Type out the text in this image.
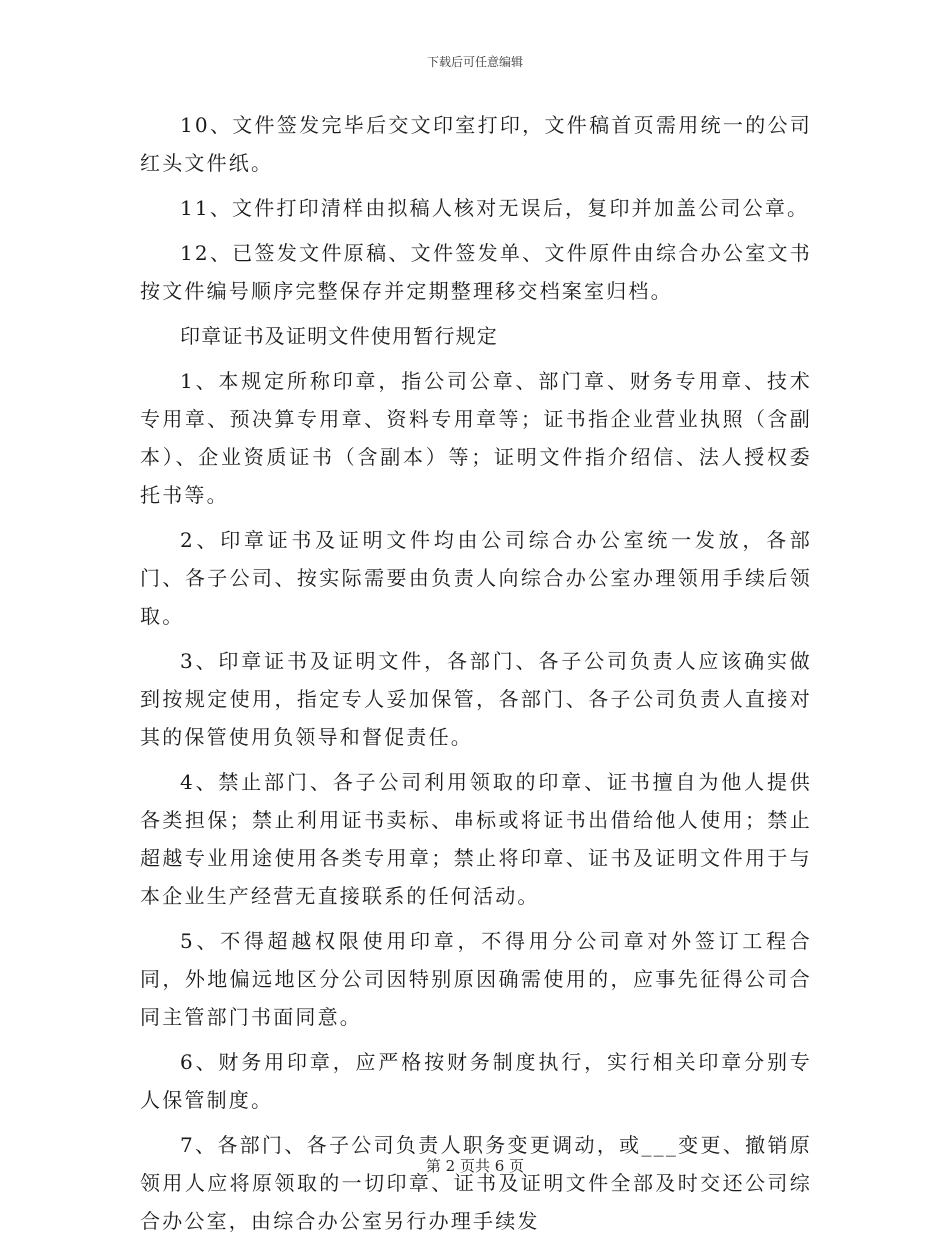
下载后可任意编辑

10、文件签发完毕后交文印室打印，文件稿首页需用统一的公司红头文件纸。

11、文件打印清样由拟稿人核对无误后，复印并加盖公司公章。

12、已签发文件原稿、文件签发单、文件原件由综合办公室文书按文件编号顺序完整保存并定期整理移交档案室归档。

印章证书及证明文件使用暂行规定

1、本规定所称印章，指公司公章、部门章、财务专用章、技术专用章、预决算专用章、资料专用章等；证书指企业营业执照（含副本）、企业资质证书（含副本）等；证明文件指介绍信、法人授权委托书等。

2、印章证书及证明文件均由公司综合办公室统一发放，各部门、各子公司、按实际需要由负责人向综合办公室办理领用手续后领取。

3、印章证书及证明文件，各部门、各子公司负责人应该确实做到按规定使用，指定专人妥加保管，各部门、各子公司负责人直接对其的保管使用负领导和督促责任。

4、禁止部门、各子公司利用领取的印章、证书擅自为他人提供各类担保；禁止利用证书卖标、串标或将证书出借给他人使用；禁止超越专业用途使用各类专用章；禁止将印章、证书及证明文件用于与本企业生产经营无直接联系的任何活动。

5、不得超越权限使用印章，不得用分公司章对外签订工程合同，外地偏远地区分公司因特别原因确需使用的，应事先征得公司合同主管部门书面同意。

6、财务用印章，应严格按财务制度执行，实行相关印章分别专人保管制度。

7、各部门、各子公司负责人职务变更调动，或___变更、撤销原领用人应将原领取的一切印章、证书及证明文件全部及时交还公司综合办公室，由综合办公室另行办理手续发

第 2 页共 6 页
